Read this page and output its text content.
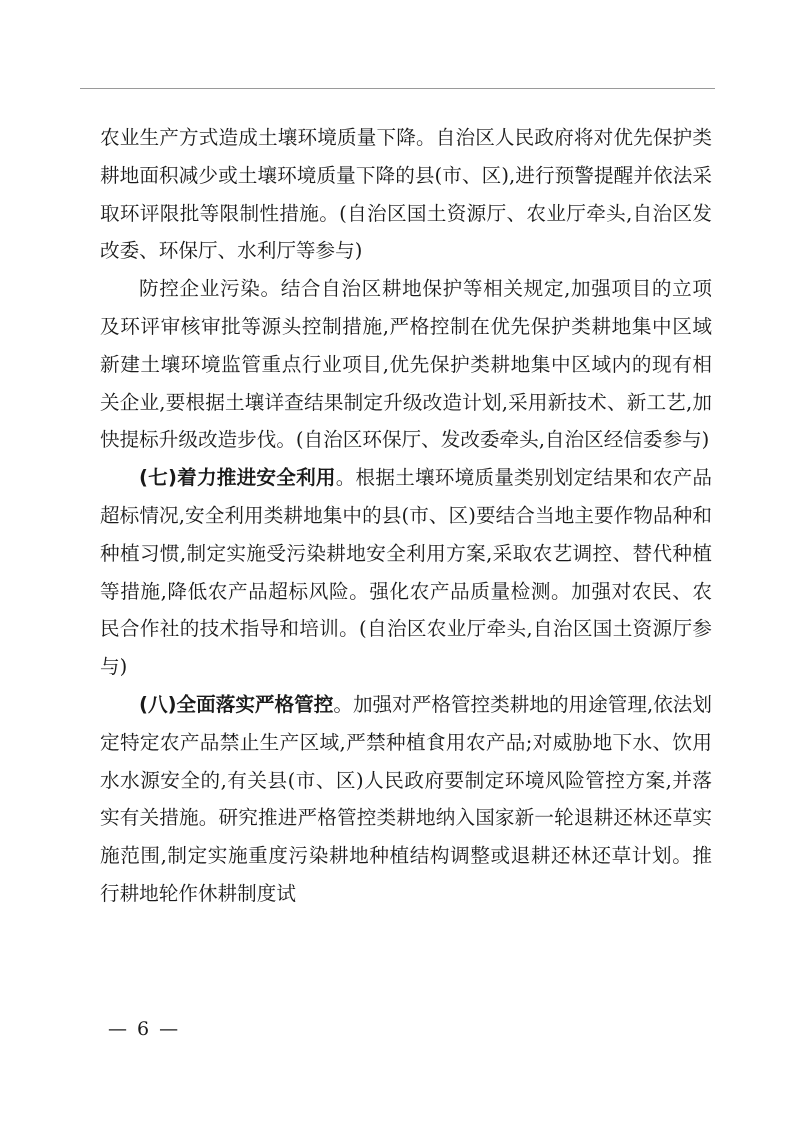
农业生产方式造成土壤环境质量下降。自治区人民政府将对优先保护类耕地面积减少或土壤环境质量下降的县(市、区),进行预警提醒并依法采取环评限批等限制性措施。(自治区国土资源厅、农业厅牵头,自治区发改委、环保厅、水利厅等参与)

防控企业污染。结合自治区耕地保护等相关规定,加强项目的立项及环评审核审批等源头控制措施,严格控制在优先保护类耕地集中区域新建土壤环境监管重点行业项目,优先保护类耕地集中区域内的现有相关企业,要根据土壤详查结果制定升级改造计划,采用新技术、新工艺,加快提标升级改造步伐。(自治区环保厅、发改委牵头,自治区经信委参与)

(七)着力推进安全利用。根据土壤环境质量类别划定结果和农产品超标情况,安全利用类耕地集中的县(市、区)要结合当地主要作物品种和种植习惯,制定实施受污染耕地安全利用方案,采取农艺调控、替代种植等措施,降低农产品超标风险。强化农产品质量检测。加强对农民、农民合作社的技术指导和培训。(自治区农业厅牵头,自治区国土资源厅参与)

(八)全面落实严格管控。加强对严格管控类耕地的用途管理,依法划定特定农产品禁止生产区域,严禁种植食用农产品;对威胁地下水、饮用水水源安全的,有关县(市、区)人民政府要制定环境风险管控方案,并落实有关措施。研究推进严格管控类耕地纳入国家新一轮退耕还林还草实施范围,制定实施重度污染耕地种植结构调整或退耕还林还草计划。推行耕地轮作休耕制度试

— 6 —
